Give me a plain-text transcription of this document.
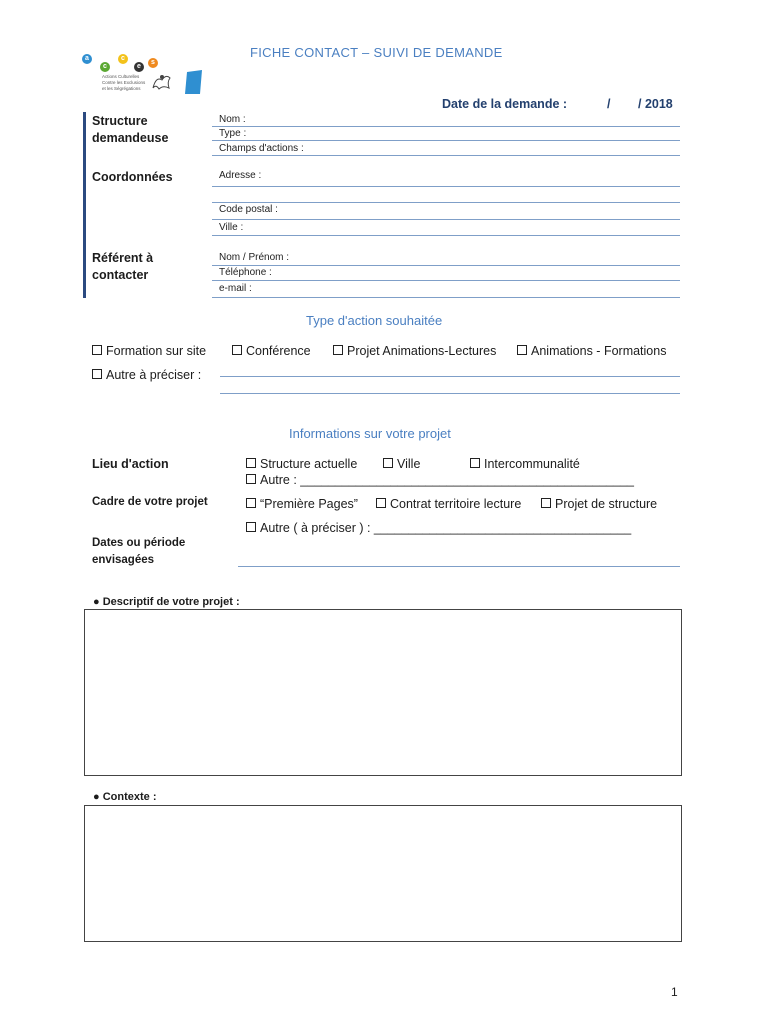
a
c
c
e
s
Actions Culturelles
Contre les Exclusions
et les Ségrégations
FICHE CONTACT – SUIVI DE DEMANDE
Date de la demande :	/ / 2018
Structure demandeuse
Nom :
Type :
Champs d'actions :
Coordonnées	Adresse :
Code postal :
Ville :
Référent à contacter
Nom / Prénom :
Téléphone :
e-mail :
Type d'action souhaitée
Formation sur site	Conférence	Projet Animations-Lectures	Animations - Formations
Autre à préciser :
Informations sur votre projet
Lieu d'action	Structure actuelle	Ville	Intercommunalité
Autre : ________________________________________________
Cadre de votre projet	“Première Pages”	Contrat territoire lecture	Projet de structure
Autre ( à préciser ) : _____________________________________
Dates ou période envisagées
● Descriptif de votre projet :
● Contexte :
1
